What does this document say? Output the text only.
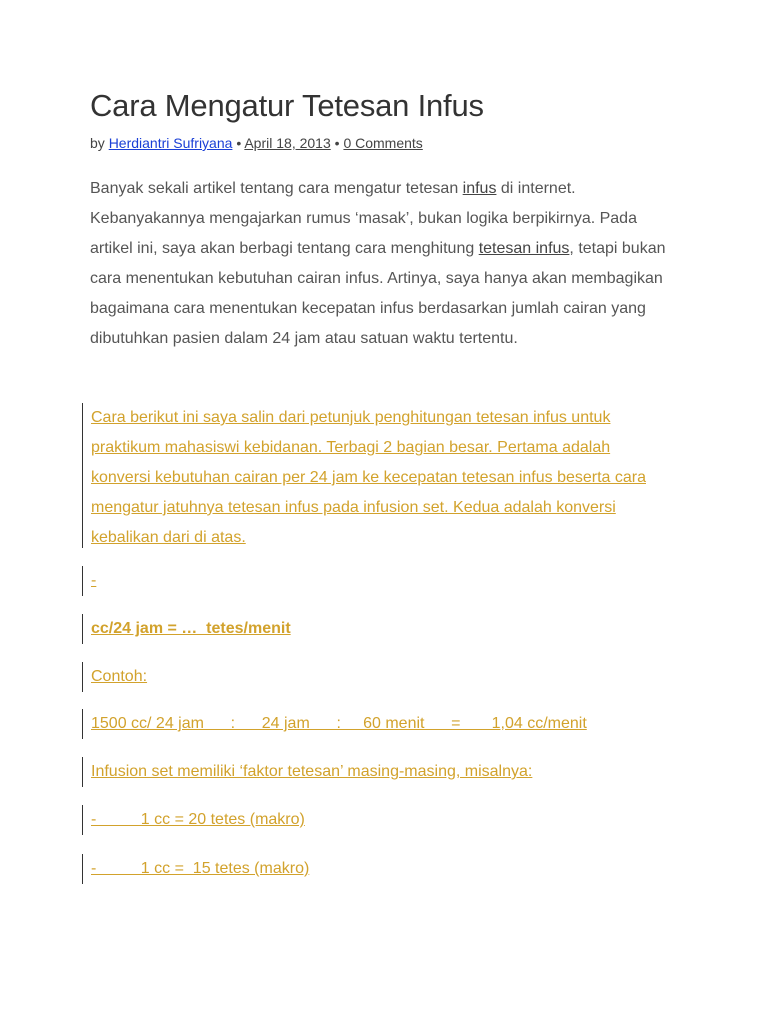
Cara Mengatur Tetesan Infus
by Herdiantri Sufriyana • April 18, 2013 • 0 Comments

Banyak sekali artikel tentang cara mengatur tetesan infus di internet. Kebanyakannya mengajarkan rumus ‘masak’, bukan logika berpikirnya. Pada artikel ini, saya akan berbagi tentang cara menghitung tetesan infus, tetapi bukan cara menentukan kebutuhan cairan infus. Artinya, saya hanya akan membagikan bagaimana cara menentukan kecepatan infus berdasarkan jumlah cairan yang dibutuhkan pasien dalam 24 jam atau satuan waktu tertentu.

Cara berikut ini saya salin dari petunjuk penghitungan tetesan infus untuk praktikum mahasiswi kebidanan. Terbagi 2 bagian besar. Pertama adalah konversi kebutuhan cairan per 24 jam ke kecepatan tetesan infus beserta cara mengatur jatuhnya tetesan infus pada infusion set. Kedua adalah konversi kebalikan dari di atas.

-

cc/24 jam = …  tetes/menit

Contoh:

1500 cc/ 24 jam      :      24 jam      :     60 menit      =       1,04 cc/menit

Infusion set memiliki ‘faktor tetesan’ masing-masing, misalnya:

-          1 cc = 20 tetes (makro)

-          1 cc =  15 tetes (makro)
